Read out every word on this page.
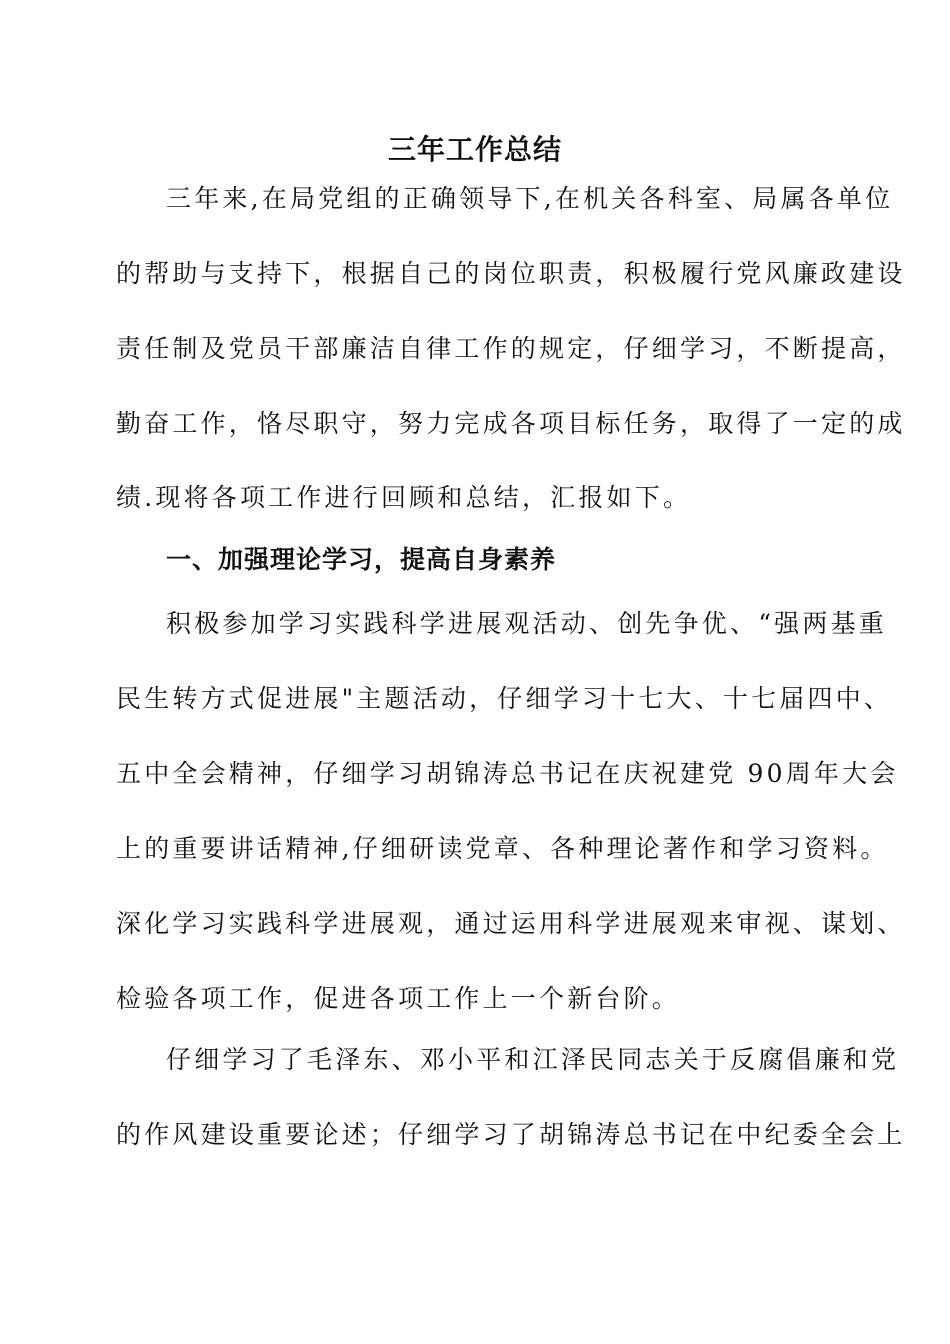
三年工作总结
三年来,在局党组的正确领导下,在机关各科室、局属各单位
的帮助与支持下，根据自己的岗位职责，积极履行党风廉政建设
责任制及党员干部廉洁自律工作的规定，仔细学习，不断提高，
勤奋工作，恪尽职守，努力完成各项目标任务，取得了一定的成
绩.现将各项工作进行回顾和总结，汇报如下。
一、加强理论学习，提高自身素养
积极参加学习实践科学进展观活动、创先争优、“强两基重
民生转方式促进展"主题活动，仔细学习十七大、十七届四中、
五中全会精神，仔细学习胡锦涛总书记在庆祝建党 90周年大会
上的重要讲话精神,仔细研读党章、各种理论著作和学习资料。
深化学习实践科学进展观，通过运用科学进展观来审视、谋划、
检验各项工作，促进各项工作上一个新台阶。
仔细学习了毛泽东、邓小平和江泽民同志关于反腐倡廉和党
的作风建设重要论述；仔细学习了胡锦涛总书记在中纪委全会上
